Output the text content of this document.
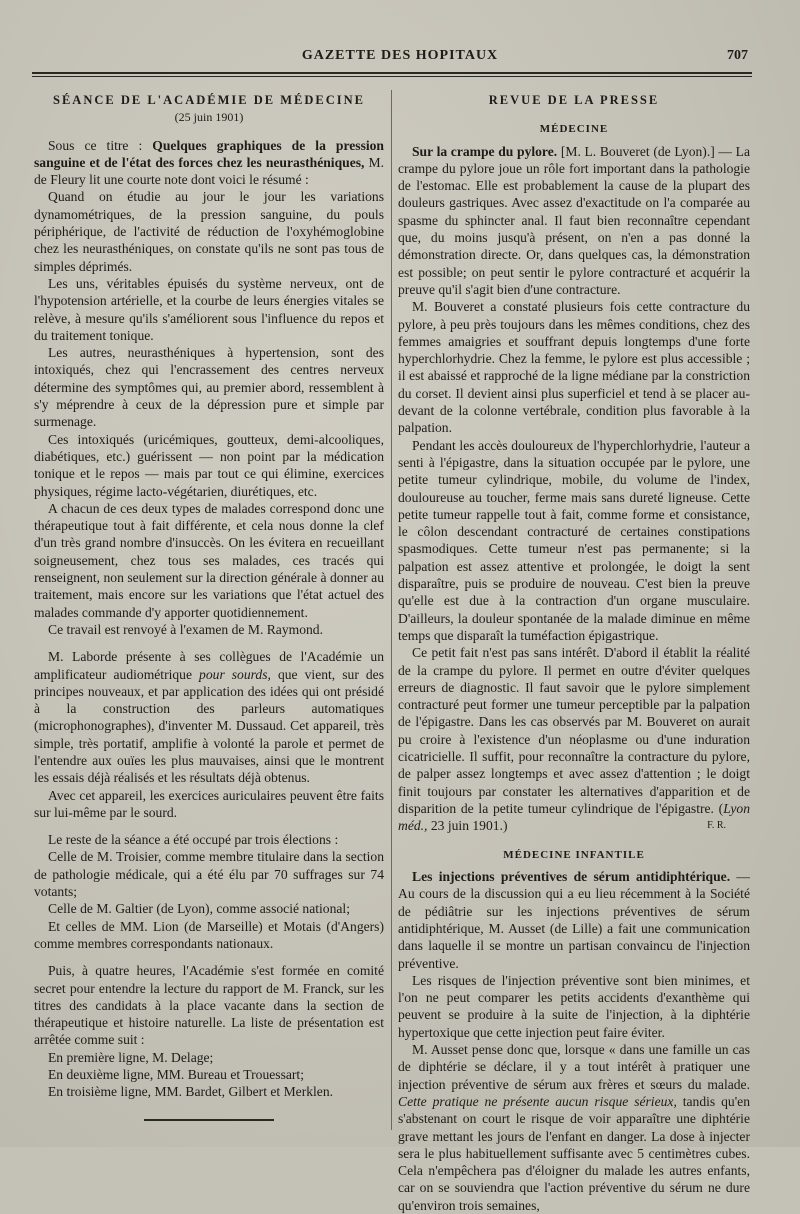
GAZETTE DES HOPITAUX	707
SÉANCE DE L'ACADÉMIE DE MÉDECINE
(25 juin 1901)

Sous ce titre : Quelques graphiques de la pression sanguine et de l'état des forces chez les neurasthéniques, M. de Fleury lit une courte note dont voici le résumé :

Quand on étudie au jour le jour les variations dynamométriques, de la pression sanguine, du pouls périphérique, de l'activité de réduction de l'oxyhémoglobine chez les neurasthéniques, on constate qu'ils ne sont pas tous de simples déprimés.

Les uns, véritables épuisés du système nerveux, ont de l'hypotension artérielle, et la courbe de leurs énergies vitales se relève, à mesure qu'ils s'améliorent sous l'influence du repos et du traitement tonique.

Les autres, neurasthéniques à hypertension, sont des intoxiqués, chez qui l'encrassement des centres nerveux détermine des symptômes qui, au premier abord, ressemblent à s'y méprendre à ceux de la dépression pure et simple par surmenage.

Ces intoxiqués (uricémiques, goutteux, demi-alcooliques, diabétiques, etc.) guérissent — non point par la médication tonique et le repos — mais par tout ce qui élimine, exercices physiques, régime lacto-végétarien, diurétiques, etc.

A chacun de ces deux types de malades correspond donc une thérapeutique tout à fait différente, et cela nous donne la clef d'un très grand nombre d'insuccès. On les évitera en recueillant soigneusement, chez tous ses malades, ces tracés qui renseignent, non seulement sur la direction générale à donner au traitement, mais encore sur les variations que l'état actuel des malades commande d'y apporter quotidiennement.

Ce travail est renvoyé à l'examen de M. Raymond.

M. Laborde présente à ses collègues de l'Académie un amplificateur audiométrique pour sourds, que vient, sur des principes nouveaux, et par application des idées qui ont présidé à la construction des parleurs automatiques (microphonographes), d'inventer M. Dussaud. Cet appareil, très simple, très portatif, amplifie à volonté la parole et permet de l'entendre aux ouïes les plus mauvaises, ainsi que le montrent les essais déjà réalisés et les résultats déjà obtenus.

Avec cet appareil, les exercices auriculaires peuvent être faits sur lui-même par le sourd.

Le reste de la séance a été occupé par trois élections :

Celle de M. Troisier, comme membre titulaire dans la section de pathologie médicale, qui a été élu par 70 suffrages sur 74 votants;

Celle de M. Galtier (de Lyon), comme associé national;

Et celles de MM. Lion (de Marseille) et Motais (d'Angers) comme membres correspondants nationaux.

Puis, à quatre heures, l'Académie s'est formée en comité secret pour entendre la lecture du rapport de M. Franck, sur les titres des candidats à la place vacante dans la section de thérapeutique et histoire naturelle. La liste de présentation est arrêtée comme suit :

En première ligne, M. Delage;

En deuxième ligne, MM. Bureau et Trouessart;

En troisième ligne, MM. Bardet, Gilbert et Merklen.

REVUE DE LA PRESSE
MÉDECINE

Sur la crampe du pylore. [M. L. Bouveret (de Lyon).] — La crampe du pylore joue un rôle fort important dans la pathologie de l'estomac. Elle est probablement la cause de la plupart des douleurs gastriques. Avec assez d'exactitude on l'a comparée au spasme du sphincter anal. Il faut bien reconnaître cependant que, du moins jusqu'à présent, on n'en a pas donné la démonstration directe. Or, dans quelques cas, la démonstration est possible; on peut sentir le pylore contracturé et acquérir la preuve qu'il s'agit bien d'une contracture.

M. Bouveret a constaté plusieurs fois cette contracture du pylore, à peu près toujours dans les mêmes conditions, chez des femmes amaigries et souffrant depuis longtemps d'une forte hyperchlorhydrie. Chez la femme, le pylore est plus accessible ; il est abaissé et rapproché de la ligne médiane par la constriction du corset. Il devient ainsi plus superficiel et tend à se placer au-devant de la colonne vertébrale, condition plus favorable à la palpation.

Pendant les accès douloureux de l'hyperchlorhydrie, l'auteur a senti à l'épigastre, dans la situation occupée par le pylore, une petite tumeur cylindrique, mobile, du volume de l'index, douloureuse au toucher, ferme mais sans dureté ligneuse. Cette petite tumeur rappelle tout à fait, comme forme et consistance, le côlon descendant contracturé de certaines constipations spasmodiques. Cette tumeur n'est pas permanente; si la palpation est assez attentive et prolongée, le doigt la sent disparaître, puis se produire de nouveau. C'est bien la preuve qu'elle est due à la contraction d'un organe musculaire. D'ailleurs, la douleur spontanée de la malade diminue en même temps que disparaît la tuméfaction épigastrique.

Ce petit fait n'est pas sans intérêt. D'abord il établit la réalité de la crampe du pylore. Il permet en outre d'éviter quelques erreurs de diagnostic. Il faut savoir que le pylore simplement contracturé peut former une tumeur perceptible par la palpation de l'épigastre. Dans les cas observés par M. Bouveret on aurait pu croire à l'existence d'un néoplasme ou d'une induration cicatricielle. Il suffit, pour reconnaître la contracture du pylore, de palper assez longtemps et avec assez d'attention ; le doigt finit toujours par constater les alternatives d'apparition et de disparition de la petite tumeur cylindrique de l'épigastre. (Lyon méd., 23 juin 1901.)	F. R.
MÉDECINE INFANTILE

Les injections préventives de sérum antidiphtérique. — Au cours de la discussion qui a eu lieu récemment à la Société de pédiâtrie sur les injections préventives de sérum antidiphtérique, M. Ausset (de Lille) a fait une communication dans laquelle il se montre un partisan convaincu de l'injection préventive.

Les risques de l'injection préventive sont bien minimes, et l'on ne peut comparer les petits accidents d'exanthème qui peuvent se produire à la suite de l'injection, à la diphtérie hypertoxique que cette injection peut faire éviter.

M. Ausset pense donc que, lorsque « dans une famille un cas de diphtérie se déclare, il y a tout intérêt à pratiquer une injection préventive de sérum aux frères et sœurs du malade. Cette pratique ne présente aucun risque sérieux, tandis qu'en s'abstenant on court le risque de voir apparaître une diphtérie grave mettant les jours de l'enfant en danger. La dose à injecter sera le plus habituellement suffisante avec 5 centimètres cubes. Cela n'empêchera pas d'éloigner du malade les autres enfants, car on se souviendra que l'action préventive du sérum ne dure qu'environ trois semaines,
